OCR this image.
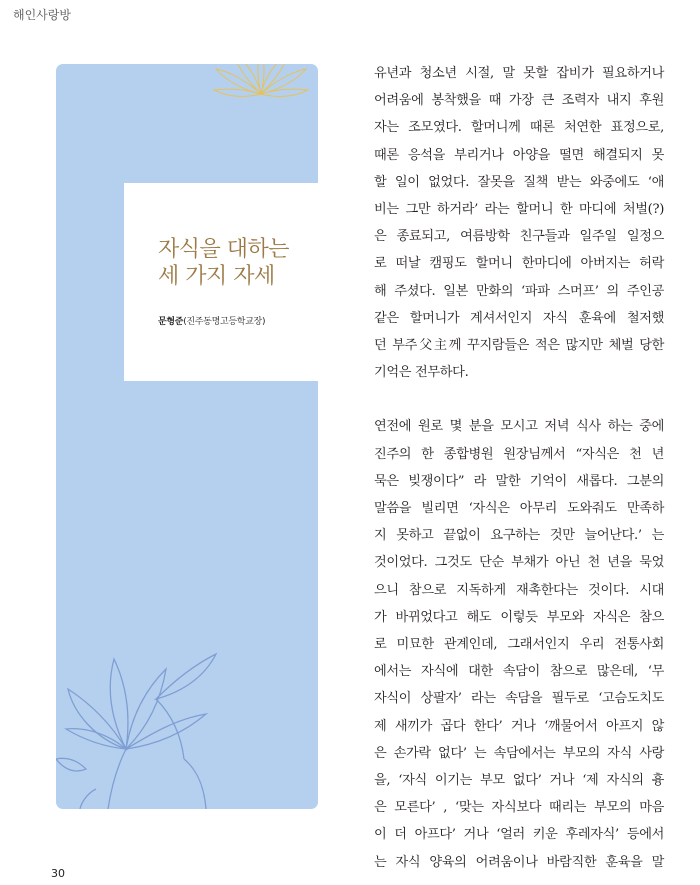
해인사랑방
자식을 대하는
세 가지 자세
문형준(진주동명고등학교장)
유년과 청소년 시절, 말 못할 잡비가 필요하거나
어려움에 봉착했을 때 가장 큰 조력자 내지 후원
자는 조모였다. 할머니께 때론 처연한 표정으로,
때론 응석을 부리거나 아양을 떨면 해결되지 못
할 일이 없었다. 잘못을 질책 받는 와중에도 ‘애
비는 그만 하거라’ 라는 할머니 한 마디에 처벌(?)
은 종료되고, 여름방학 친구들과 일주일 일정으
로 떠날 캠핑도 할머니 한마디에 아버지는 허락
해 주셨다. 일본 만화의 ‘파파 스머프’ 의 주인공
같은 할머니가 계셔서인지 자식 훈육에 철저했
던 부주父主께 꾸지람들은 적은 많지만 체벌 당한
기억은 전무하다.
연전에 원로 몇 분을 모시고 저녁 식사 하는 중에
진주의 한 종합병원 원장님께서 “자식은 천 년
묵은 빚쟁이다” 라 말한 기억이 새롭다. 그분의
말씀을 빌리면 ‘자식은 아무리 도와줘도 만족하
지 못하고 끝없이 요구하는 것만 늘어난다.’ 는
것이었다. 그것도 단순 부채가 아닌 천 년을 묵었
으니 참으로 지독하게 재촉한다는 것이다. 시대
가 바뀌었다고 해도 이렇듯 부모와 자식은 참으
로 미묘한 관계인데, 그래서인지 우리 전통사회
에서는 자식에 대한 속담이 참으로 많은데, ‘무
자식이 상팔자’ 라는 속담을 필두로 ‘고슴도치도
제 새끼가 곱다 한다’ 거나 ‘깨물어서 아프지 않
은 손가락 없다’ 는 속담에서는 부모의 자식 사랑
을, ‘자식 이기는 부모 없다’ 거나 ‘제 자식의 흉
은 모른다’ , ‘맞는 자식보다 때리는 부모의 마음
이 더 아프다’ 거나 ‘얼러 키운 후레자식’ 등에서
는 자식 양육의 어려움이나 바람직한 훈육을 말
30
